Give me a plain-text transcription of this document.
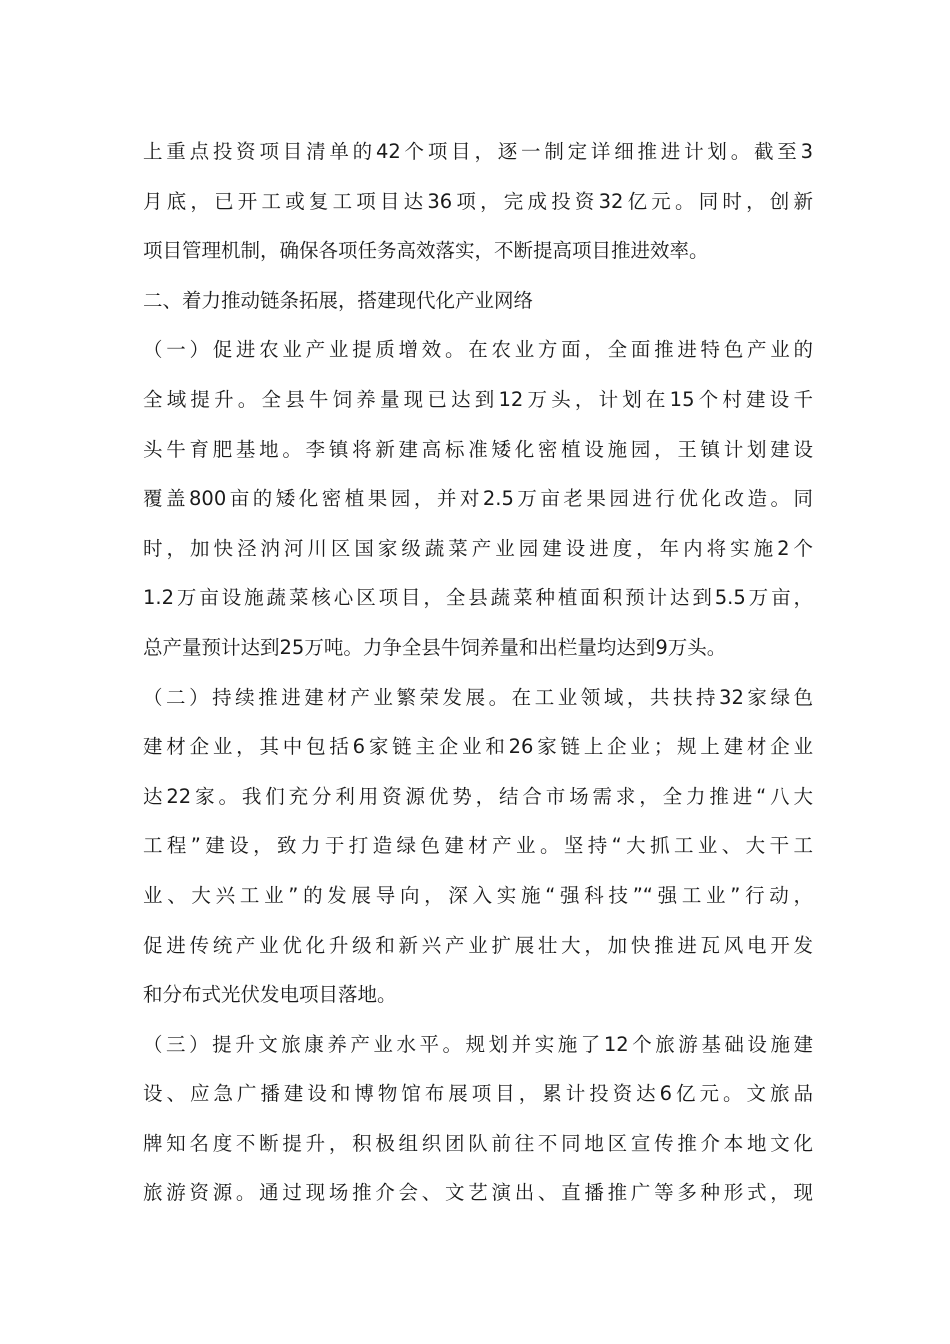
上重点投资项目清单的42个项目，逐一制定详细推进计划。截至3
月底，已开工或复工项目达36项，完成投资32亿元。同时，创新
项目管理机制，确保各项任务高效落实，不断提高项目推进效率。
二、着力推动链条拓展，搭建现代化产业网络
（一）促进农业产业提质增效。在农业方面，全面推进特色产业的
全域提升。全县牛饲养量现已达到12万头，计划在15个村建设千
头牛育肥基地。李镇将新建高标准矮化密植设施园，王镇计划建设
覆盖800亩的矮化密植果园，并对2.5万亩老果园进行优化改造。同
时，加快泾汭河川区国家级蔬菜产业园建设进度，年内将实施2个
1.2万亩设施蔬菜核心区项目，全县蔬菜种植面积预计达到5.5万亩，
总产量预计达到25万吨。力争全县牛饲养量和出栏量均达到9万头。
（二）持续推进建材产业繁荣发展。在工业领域，共扶持32家绿色
建材企业，其中包括6家链主企业和26家链上企业；规上建材企业
达22家。我们充分利用资源优势，结合市场需求，全力推进“八大
工程”建设，致力于打造绿色建材产业。坚持“大抓工业、大干工
业、大兴工业”的发展导向，深入实施“强科技”“强工业”行动，
促进传统产业优化升级和新兴产业扩展壮大，加快推进瓦风电开发
和分布式光伏发电项目落地。
（三）提升文旅康养产业水平。规划并实施了12个旅游基础设施建
设、应急广播建设和博物馆布展项目，累计投资达6亿元。文旅品
牌知名度不断提升，积极组织团队前往不同地区宣传推介本地文化
旅游资源。通过现场推介会、文艺演出、直播推广等多种形式，现
